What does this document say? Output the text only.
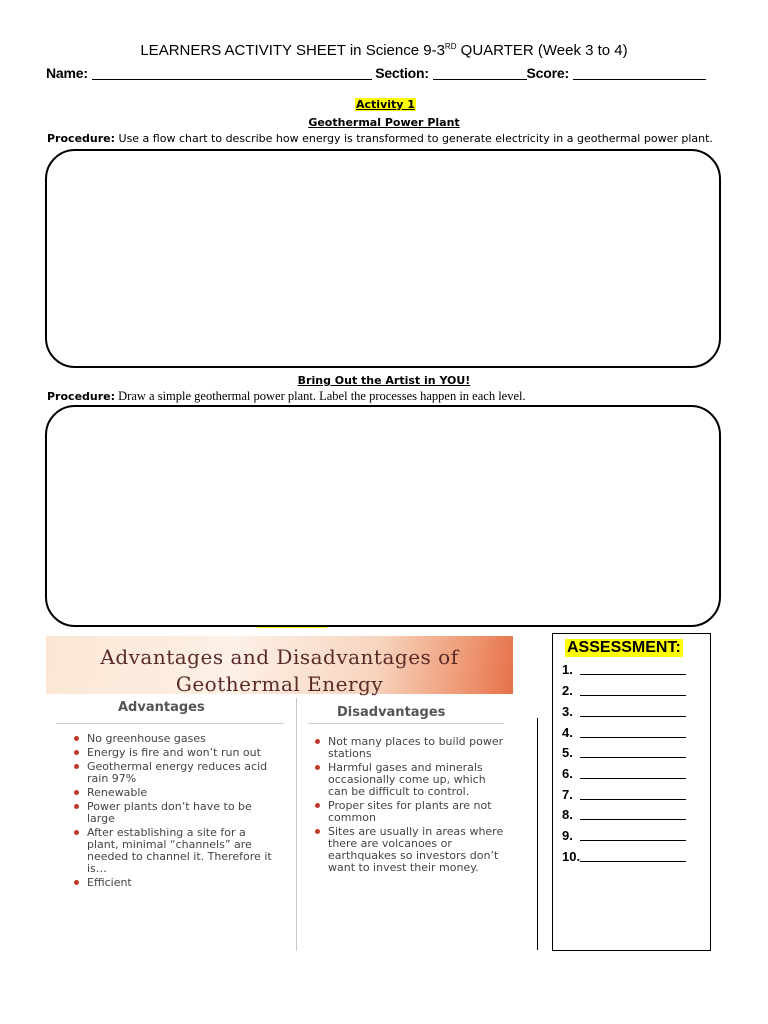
LEARNERS ACTIVITY SHEET in Science 9-3RD QUARTER (Week 3 to 4)
Name:	Section:	Score:
Activity 1
Geothermal Power Plant
Procedure: Use a flow chart to describe how energy is transformed to generate electricity in a geothermal power plant.
Bring Out the Artist in YOU!
Procedure: Draw a simple geothermal power plant. Label the processes happen in each level.
Advantages and Disadvantages of
Geothermal Energy
Advantages	Disadvantages
No greenhouse gases
Energy is fire and won’t run out
Geothermal energy reduces acid rain 97%
Renewable
Power plants don’t have to be large
After establishing a site for a plant, minimal “channels” are needed to channel it. Therefore it is…
Efficient
Not many places to build power stations
Harmful gases and minerals occasionally come up, which can be difficult to control.
Proper sites for plants are not common
Sites are usually in areas where there are volcanoes or earthquakes so investors don’t want to invest their money.
ASSESSMENT:
1.
2.
3.
4.
5.
6.
7.
8.
9.
10.
